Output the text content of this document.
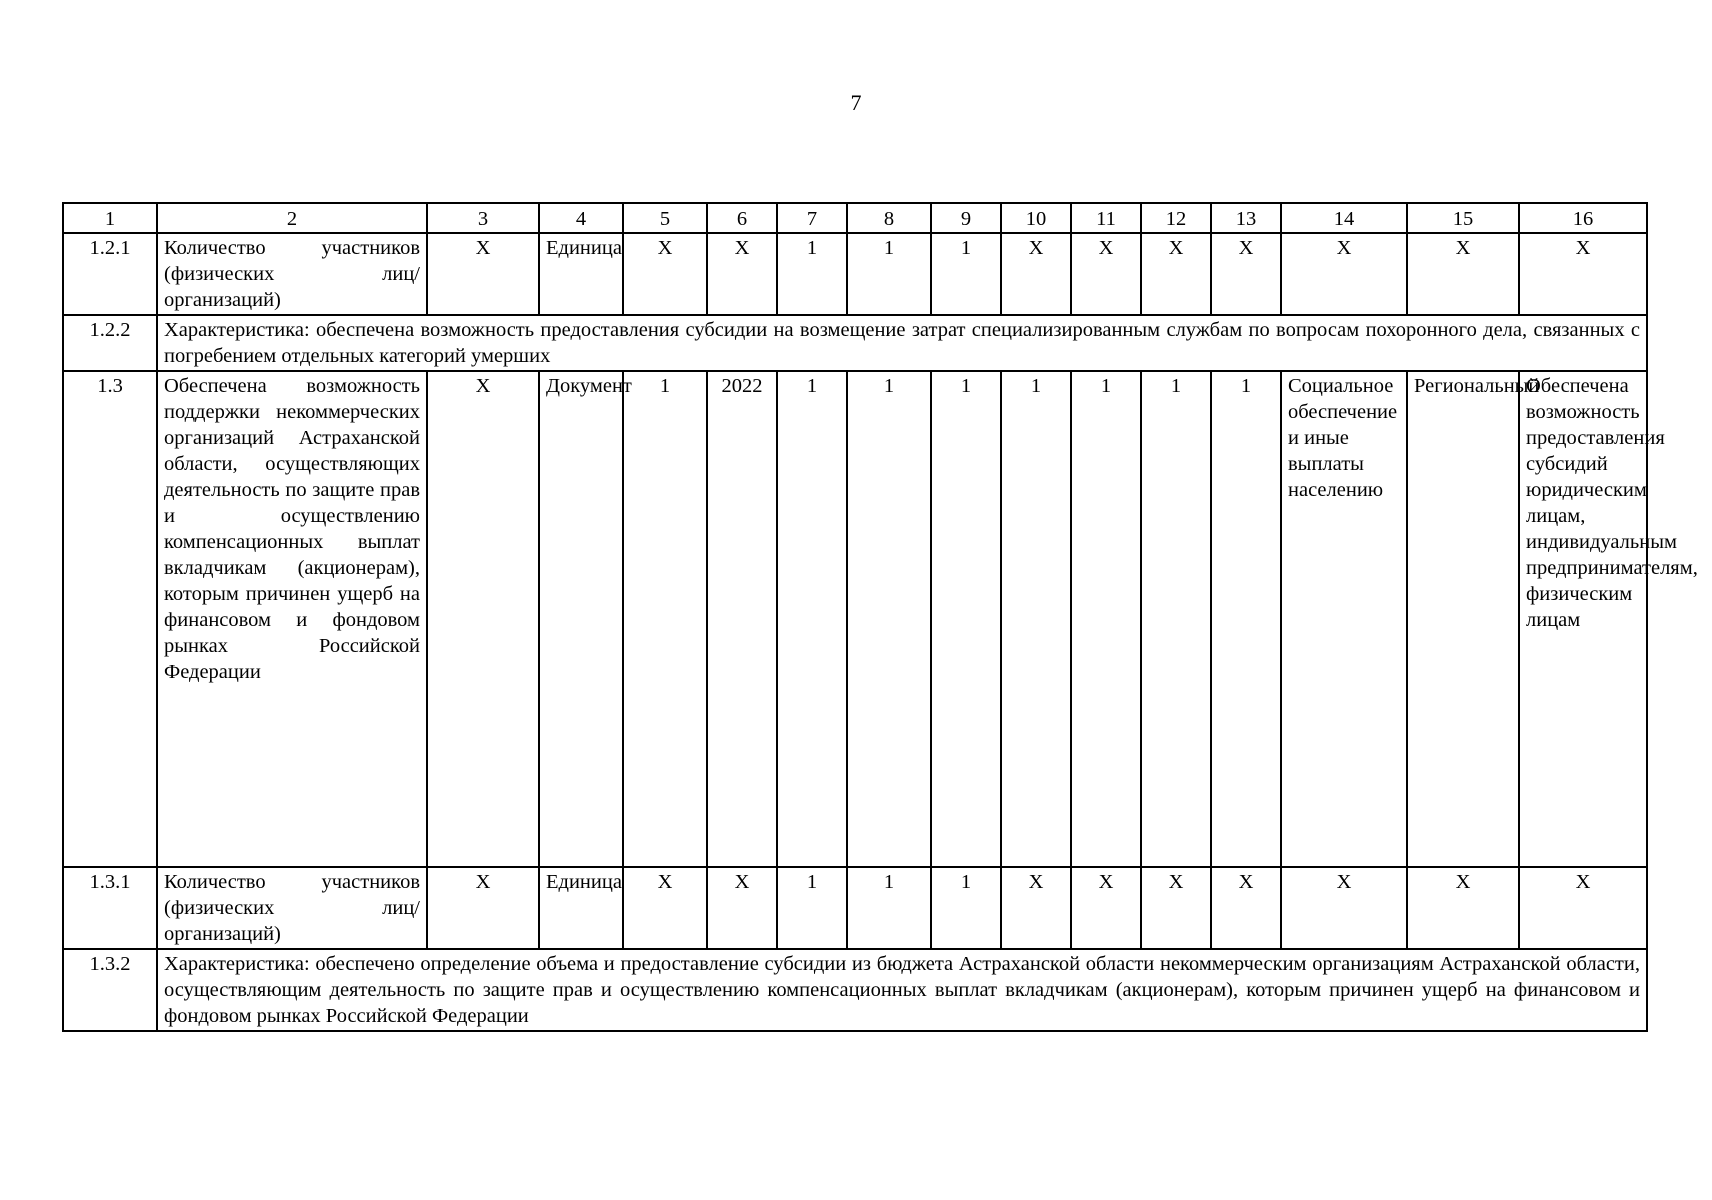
7
1	2	3	4	5	6	7	8	9	10	11	12	13	14	15	16
1.2.1	Количество участников (физических лиц/организаций)	Х	Единица	Х	Х	1	1	1	Х	Х	Х	Х	Х	Х	Х
1.2.2	Характеристика: обеспечена возможность предоставления субсидии на возмещение затрат специализированным службам по вопросам похоронного дела, связанных с погребением отдельных категорий умерших														
1.3	Обеспечена возможность поддержки некоммерческих организаций Астраханской области, осуществляющих деятельность по защите прав и осуществлению компенсационных выплат вкладчикам (акционерам), которым причинен ущерб на финансовом и фондовом рынках Российской Федерации	Х	Документ	1	2022	1	1	1	1	1	1	1	Социальное обеспечение и иные выплаты населению	Региональный	Обеспечена возможность предоставления субсидий юридическим лицам, индивидуальным предпринимателям, физическим лицам
1.3.1	Количество участников (физических лиц/организаций)	Х	Единица	Х	Х	1	1	1	Х	Х	Х	Х	Х	Х	Х
1.3.2	Характеристика: обеспечено определение объема и предоставление субсидии из бюджета Астраханской области некоммерческим организациям Астраханской области, осуществляющим деятельность по защите прав и осуществлению компенсационных выплат вкладчикам (акционерам), которым причинен ущерб на финансовом и фондовом рынках Российской Федерации														
